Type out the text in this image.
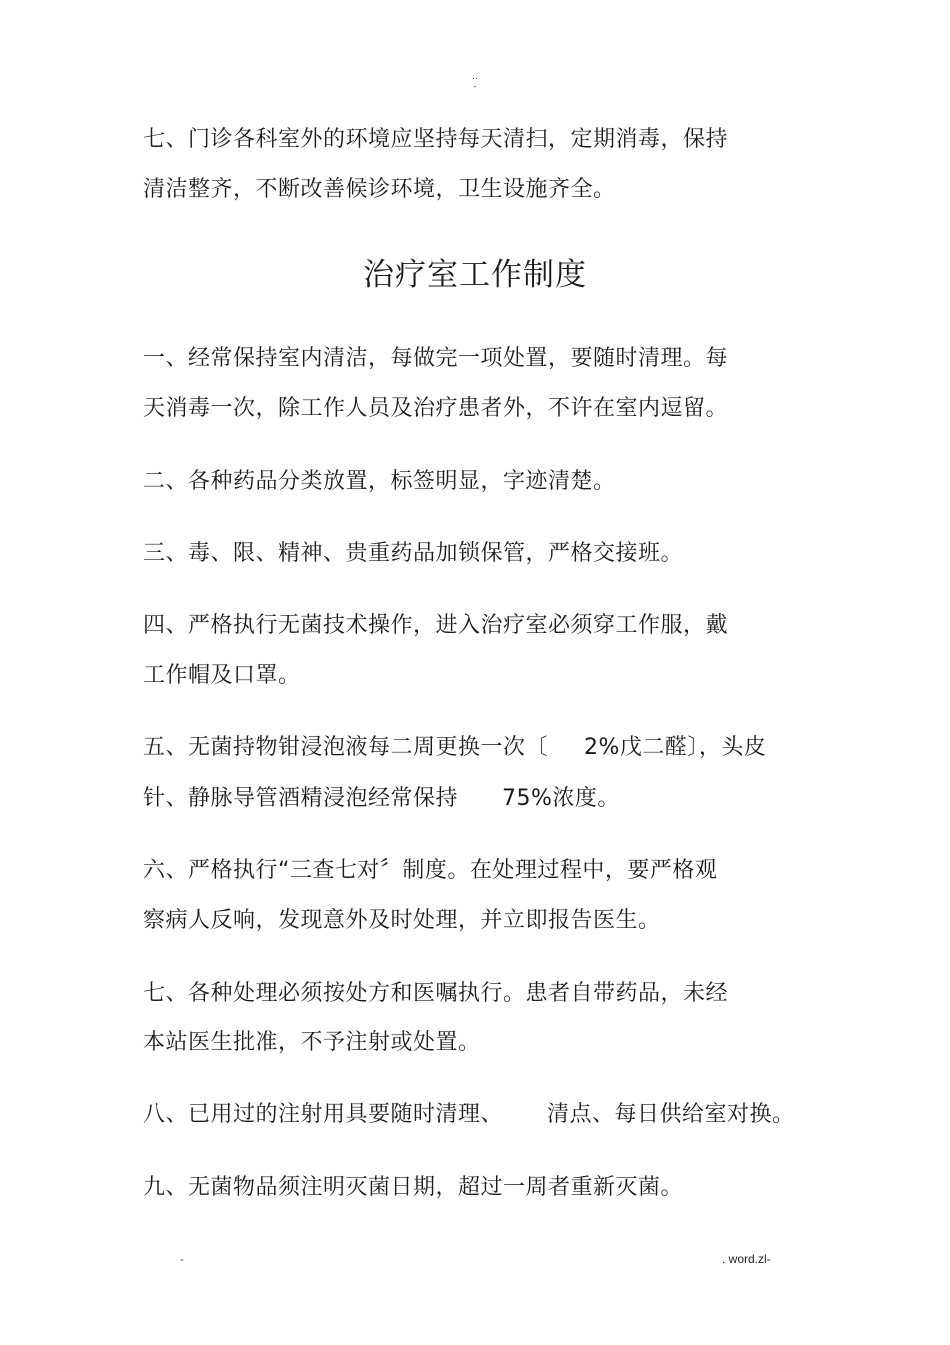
..
-
七、门诊各科室外的环境应坚持每天清扫，定期消毒，保持
清洁整齐，不断改善候诊环境，卫生设施齐全。
治疗室工作制度
一、经常保持室内清洁，每做完一项处置，要随时清理。每
天消毒一次，除工作人员及治疗患者外，不许在室内逗留。
二、各种药品分类放置，标签明显，字迹清楚。
三、毒、限、精神、贵重药品加锁保管，严格交接班。
四、严格执行无菌技术操作，进入治疗室必须穿工作服，戴
工作帽及口罩。
五、无菌持物钳浸泡液每二周更换一次〔 2%戊二醛〕，头皮
针、静脉导管酒精浸泡经常保持 75%浓度。
六、严格执行“三查七对〞制度。在处理过程中，要严格观
察病人反响，发现意外及时处理，并立即报告医生。
七、各种处理必须按处方和医嘱执行。患者自带药品，未经
本站医生批准，不予注射或处置。
八、已用过的注射用具要随时清理、 清点、每日供给室对换。
九、无菌物品须注明灭菌日期，超过一周者重新灭菌。
-	. word.zl-
